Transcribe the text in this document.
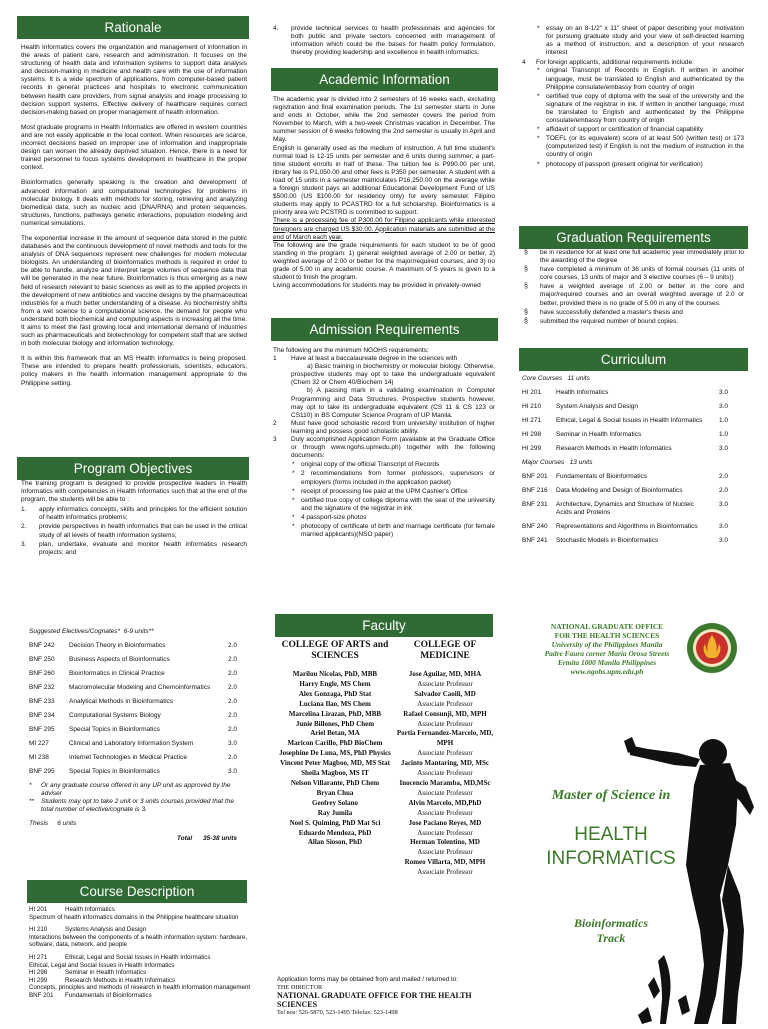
Rationale

Health Informatics covers the organization and management of information in the areas of patient care, research and administration. It focuses on the structuring of health data and information systems to support data analysis and decision-making in medicine and health care with the use of information systems. It is a wide spectrum of applications, from computer-based patient records in general practices and hospitals to electronic communication between health care providers, from signal analysis and image processing to decision support systems. Effective delivery of healthcare requires correct decision-making based on proper management of health information.

Most graduate programs in Health Informatics are offered in western countries and are not easily applicable in the local context. When resources are scarce, incorrect decisions based on improper use of information and inappropriate design can worsen the already deprived situation. Hence, there is a need for trained personnel to focus systems development in healthcare in the proper context.

Bioinformatics generally speaking is the creation and development of advanced information and computational technologies for problems in molecular biology. It deals with methods for storing, retrieving and analyzing biomedical data, such as nucleic acid (DNA/RNA) and protein sequences, structures, functions, pathways genetic interactions, population modeling and numerical simulations.

The exponential increase in the amount of sequence data stored in the public databases and the continuous development of novel methods and tools for the analysis of DNA sequences represent new challenges for modern molecular biologists. An understanding of bioinformatics methods is required in order to be able to handle, analyze and interpret large volumes of sequence data that will be generated in the near future. Bioinformatics is thus emerging as a new field of research relevant to basic sciences as well as to the applied projects in the development of new antibiotics and vaccine designs by the pharmaceutical industries for a much better understanding of a disease. As biochemistry shifts from a wet science to a computational science, the demand for people who understand both biochemical and computing aspects is increasing all the time. It aims to meet the fast growing local and international demand of industries such as pharmaceuticals and biotechnology for competent staff that are skilled in both molecular biology and information technology.

It is within this framework that an MS Health Informatics is being proposed. These are intended to prepare health professionals, scientists, educators, policy makers in the health information management appropriate to the Philippine setting.

Program Objectives
The training program is designed to provide prospective leaders in Health Informatics with competencies in Health Informatics such that at the end of the program, the students will be able to :
1. apply informatics concepts, skills and principles for the efficient solution of health informatics problems;
2. provide perspectives in health informatics that can be used in the critical study of all levels of health information systems;
3. plan, undertake, evaluate and monitor health informatics research projects; and
4. provide technical services to health professionals and agencies for both public and private sectors concerned with management of information which could be the bases for health policy formulation, thereby providing leadership and excellence in health informatics.
Academic Information
The academic year is divided into 2 semesters of 16 weeks each, excluding registration and final examination periods. The 1st semester starts in June and ends in October, while the 2nd semester covers the period from November to March, with a two-week Christmas vacation in December. The summer session of 6 weeks following the 2nd semester is usually in April and May.
English is generally used as the medium of instruction. A full time student's normal load is 12-15 units per semester and 6 units during summer, a part-time student enrolls in half of these. The tuition fee is P990.00 per unit, library fee is P1,050.00 and other fees is P350 per semester. A student with a load of 15 units in a semester matriculates P16,250.00 on the average while a foreign student pays an additional Educational Development Fund of US $500.00 (US $100.00 for residency only) for every semester. Filipino students may apply to PCASTRD for a full scholarship. Bioinformatics is a priority area w/c PCSTRD is committed to support.
There is a processing fee of P300.00 for Filipino applicants while interested foreigners are charged US $30.00. Application materials are submitted at the end of March each year.
The following are the grade requirements for each student to be of good standing in the program: 1) general weighted average of 2.00 or better, 2) weighted average of 2.00 or better for the major/required courses, and 3) no grade of 5.00 in any academic course. A maximum of 5 years is given to a student to finish the program.
Living accommodations for students may be provided in privately-owned
Admission Requirements
The following are the minimum NGOHS requirements:
1 Have at least a baccalaureate degree in the sciences with
a) Basic training in biochemistry or molecular biology. Otherwise, prospective students may opt to take the undergraduate equivalent (Chem 32 or Chem 40/Biochem 14)
b) A passing mark in a validating examination in Computer Programming and Data Structures. Prospective students however, may opt to take its undergraduate equivalent (CS 11 & CS 123 or CS110) in BS Computer Science Program of UP Manila.
2 Must have good scholastic record from university/ institution of higher learning and possess good scholastic ability.
3 Duly accomplished Application Form (available at the Graduate Office or through www.ngohs.upmedu.ph) together with the following documents:
* original copy of the official Transcript of Records
* 2 recommendations from former professors, supervisors or employers (forms included in the application packet)
* receipt of processing fee paid at the UPM Cashier's Office
* certified true copy of college diploma with the seal of the university and the signature of the registrar in ink
* 4 passport-size photos
* photocopy of certificate of birth and marriage certificate (for female married applicants)(NSO paper)
* essay on an 8-1/2" x 11" sheet of paper describing your motivation for pursuing graduate study and your view of self-directed learning as a method of instruction, and a description of your research interest
4 For foreign applicants, additional requirements include:
* original Transcript of Records in English. If written in another language, must be translated to English and authenticated by the Philippine consulate/embassy from country of origin
* certified true copy of diploma with the seal of the university and the signature of the registrar in ink. If written in another language, must be translated to English and authenticated by the Philippine consulate/embassy from country of origin
* affidavit of support or certification of financial capability
* TOEFL (or its equivalent) score of at least 500 (written test) or 173 (computerized test) if English is not the medium of instruction in the country of origin
* photocopy of passport (present original for verification)
Graduation Requirements
§ be in residence for at least one full academic year immediately prior to the awarding of the degree
§ have completed a minimum of 36 units of formal courses (11 units of core courses, 13 units of major and 3 elective courses (6 – 9 units))
§ have a weighted average of 2.00 or better in the core and major/required courses and an overall weighted average of 2.0 or better, provided there is no grade of 5.00 in any of the courses.
§ have successfully defended a master's thesis and
§ submitted the required number of bound copies.
Curriculum
Core Courses 11 units
HI 201	Health Informatics	3.0
HI 210	System Analysis and Design	3.0
HI 271	Ethical, Legal & Social Issues in Health Informatics	1.0
HI 298	Seminar in Health Informatics	1.0
HI 299	Research Methods in Health Informatics	3.0
Major Courses 13 units
BNF 201	Fundamentals of Bioinformatics	2.0
BNF 216	Data Modeling and Design of Bioinformatics	2.0
BNF 231	Architecture, Dynamics and Structure of Nucleic Acids and Proteins
3.0
BNF 240	Representations and Algorithms in Bioinformatics	3.0
BNF 241	Stochastic Models in Bioinformatics	3.0
Suggested Electives/Cognates* 6-9 units**
BNF 242	Decision Theory in Bioinformatics	2.0
BNF 250	Business Aspects of Bioinformatics	2.0
BNF 260	Bioinformatics in Clinical Practice	2.0
BNF 232	Macromolecular Modeling and Chemoinformatics	2.0
BNF 233	Analytical Methods in Bioinformatics	2.0
BNF 234	Computational Systems Biology	2.0
BNF 295	Special Topics in Bioinformatics	2.0
MI 227	Clinical and Laboratory Information System	3.0
MI 238	Internet Technologies in Medical Practice	2.0
BNF 295	Special Topics in Bioinformatics	3.0
* Or any graduate course offered in any UP unit as approved by the adviser
** Students may opt to take 2 unit or 3 units courses provided that the total number of elective/cognate is 3.
Thesis 6 units
Total 35-38 units
Course Description
HI 201	Health Informatics
Spectrum of health informatics domains in the Philippine healthcare situation
HI 210	Systems Analysis and Design
Interactions between the components of a health information system: hardware, software, data, network, and people
HI 271	Ethical, Legal and Social Issues in Health Informatics
Ethical, Legal and Social Issues in Health Informatics
HI 298	Seminar in Health Informatics
HI 299	Research Methods in Health Informatics
Concepts, principles and methods of research in health information management
BNF 201 Fundamentals of Bioinformatics
Faculty
COLLEGE OF ARTS and SCIENCES
Marilou Nicolas, PhD, MBB
Harry Engle, MS Chem
Alex Gonzaga, PhD Stat
Luciana Ilao, MS Chem
Marcelina Lirazan, PhD, MBB
Junie Billones, PhD Chem
Ariel Betan, MA
Maricon Carillo, PhD BioChem
Josephine De Luna, MS, PhD Physics
Vincent Peter Magboo, MD, MS Stat
Sheila Magboo, MS IT
Nelson Villarante, PhD Chem
Bryan Chua
Geofrey Solano
Ray Jumila
Noel S. Quiming, PhD Mat Sci
Eduardo Mendoza, PhD
Allan Sioson, PhD
COLLEGE OF MEDICINE
Jose Aguilar, MD, MHA
Associate Professor
Salvador Caoili, MD
Associate Professor
Rafael Consunji, MD, MPH
Associate Professor
Portia Fernandez-Marcelo, MD, MPH
Associate Professor
Jacinto Mantaring, MD, MSc
Associate Professor
Inocencio Maramba, MD,MSc
Associate Professor
Alvin Marcelo, MD,PhD
Associate Professor
Jose Paciano Reyes, MD
Associate Professor
Herman Tolentino, MD
Associate Professor
Romeo Villarta, MD, MPH
Associate Professor
Application forms may be obtained from and mailed / returned to:
THE DIRECTOR
NATIONAL GRADUATE OFFICE FOR THE HEALTH SCIENCES
Tel nos: 526-5870, 523-1495 Telefax: 523-1498
NATIONAL GRADUATE OFFICE
FOR THE HEALTH SCIENCES
University of the Philippines Manila
Padre Faura corner Maria Orosa Streets
Ermita 1000 Manila Philippines
www.ngohs.upm.edu.ph
Master of Science in
HEALTH
INFORMATICS
Bioinformatics
Track
